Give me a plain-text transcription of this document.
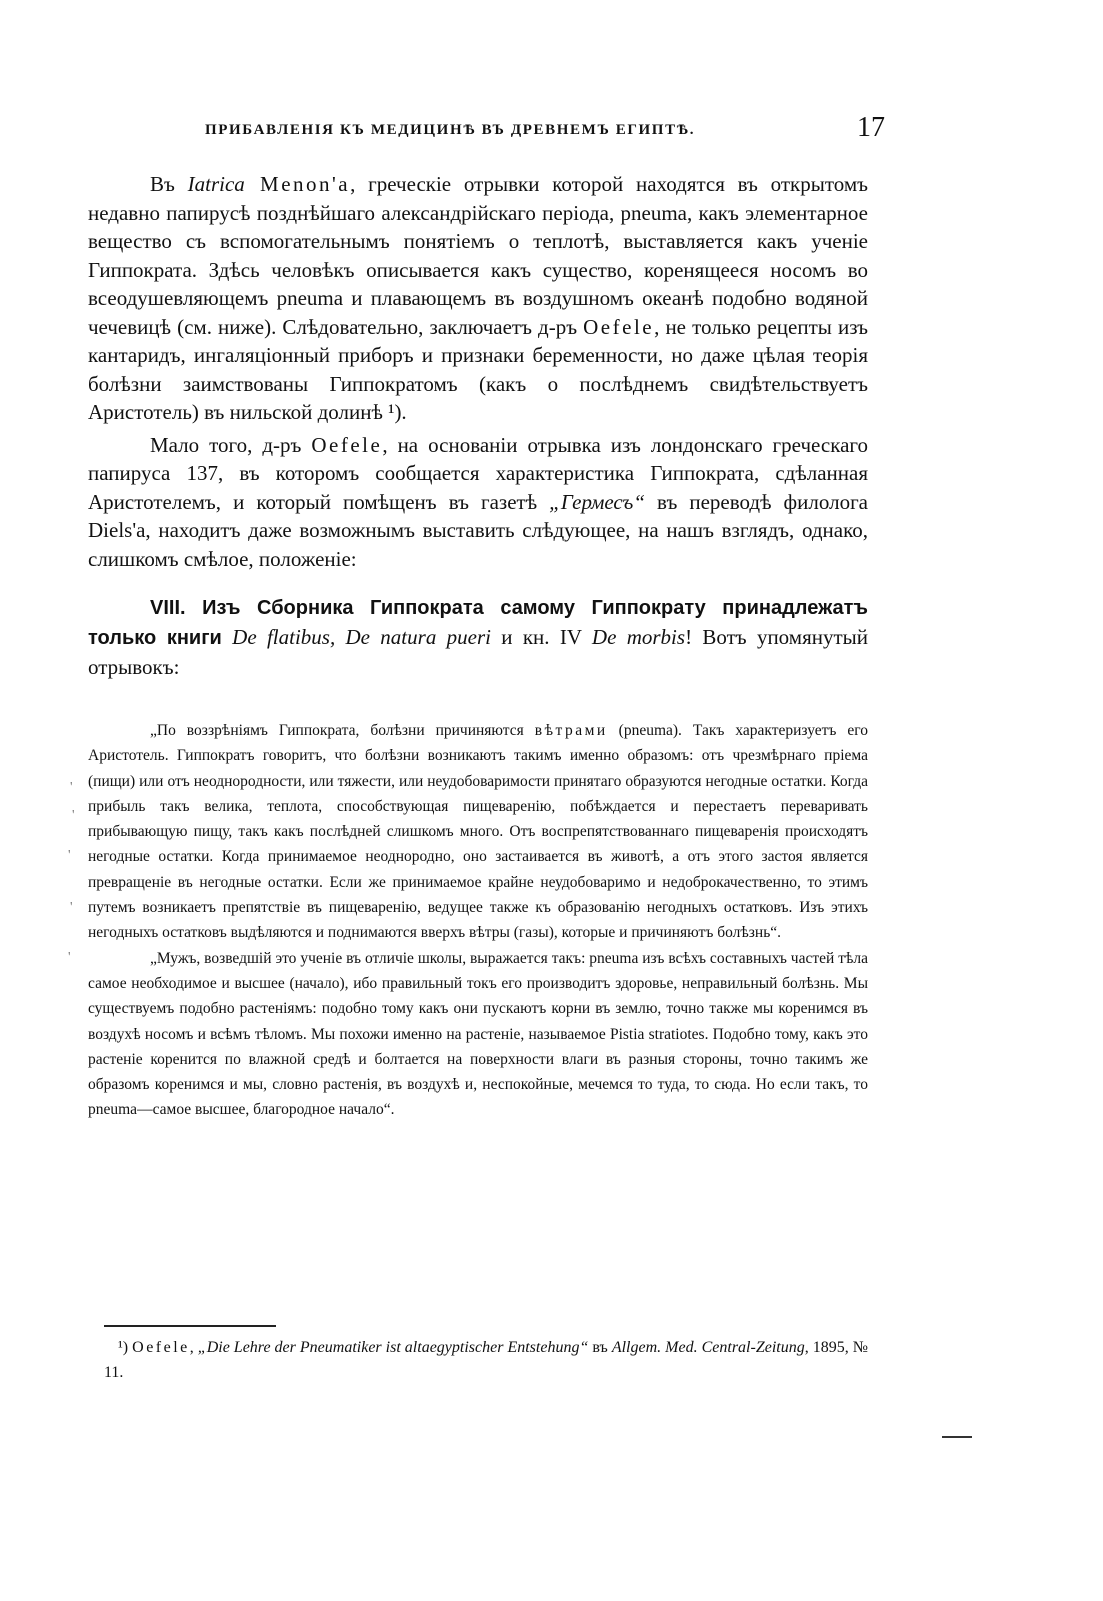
ПРИБАВЛЕНІЯ КЪ МЕДИЦИНѢ ВЪ ДРЕВНЕМЪ ЕГИПТѢ.	17

Въ Iatrica Menon'а, греческіе отрывки которой находятся въ открытомъ недавно папирусѣ позднѣйшаго александрійскаго періода, pneuma, какъ элементарное вещество съ вспомогательнымъ понятіемъ о теплотѣ, выставляется какъ ученіе Гиппократа. Здѣсь человѣкъ описывается какъ существо, коренящееся носомъ во всеодушевляющемъ pneuma и плавающемъ въ воздушномъ океанѣ подобно водяной чечевицѣ (см. ниже). Слѣдовательно, заключаетъ д-ръ Oefele, не только рецепты изъ кантаридъ, ингаляціонный приборъ и признаки беременности, но даже цѣлая теорія болѣзни заимствованы Гиппократомъ (какъ о послѣднемъ свидѣтельствуетъ Аристотель) въ нильской долинѣ ¹).

Мало того, д-ръ Oefele, на основаніи отрывка изъ лондонскаго греческаго папируса 137, въ которомъ сообщается характеристика Гиппократа, сдѣланная Аристотелемъ, и который помѣщенъ въ газетѣ „Гермесъ“ въ переводѣ филолога Diels'а, находитъ даже возможнымъ выставить слѣдующее, на нашъ взглядъ, однако, слишкомъ смѣлое, положеніе:

VIII. Изъ Сборника Гиппократа самому Гиппократу принадлежатъ только книги De flatibus, De natura pueri и кн. IV De morbis! Вотъ упомянутый отрывокъ:

„По воззрѣніямъ Гиппократа, болѣзни причиняются вѣтрами (pneuma). Такъ характеризуетъ его Аристотель. Гиппократъ говоритъ, что болѣзни возникаютъ такимъ именно образомъ: отъ чрезмѣрнаго пріема (пищи) или отъ неоднородности, или тяжести, или неудобоваримости принятаго образуются негодные остатки. Когда прибыль такъ велика, теплота, способствующая пищеваренію, побѣждается и перестаетъ переваривать прибывающую пищу, такъ какъ послѣдней слишкомъ много. Отъ воспрепятствованнаго пищеваренія происходятъ негодные остатки. Когда принимаемое неоднородно, оно застаивается въ животѣ, а отъ этого застоя является превращеніе въ негодные остатки. Если же принимаемое крайне неудобоваримо и недоброкачественно, то этимъ путемъ возникаетъ препятствіе въ пищеваренію, ведущее также къ образованію негодныхъ остатковъ. Изъ этихъ негодныхъ остатковъ выдѣляются и поднимаются вверхъ вѣтры (газы), которые и причиняютъ болѣзнь“.

„Мужъ, возведшій это ученіе въ отличіе школы, выражается такъ: pneuma изъ всѣхъ составныхъ частей тѣла самое необходимое и высшее (начало), ибо правильный токъ его производитъ здоровье, неправильный болѣзнь. Мы существуемъ подобно растеніямъ: подобно тому какъ они пускаютъ корни въ землю, точно также мы коренимся въ воздухѣ носомъ и всѣмъ тѣломъ. Мы похожи именно на растеніе, называемое Pistia stratiotes. Подобно тому, какъ это растеніе коренится по влажной средѣ и болтается на поверхности влаги въ разныя стороны, точно такимъ же образомъ коренимся и мы, словно растенія, въ воздухѣ и, неспокойные, мечемся то туда, то сюда. Но если такъ, то pneuma—самое высшее, благородное начало“.

'
'
'
'
'

¹) Oefele, „Die Lehre der Pneumatiker ist altaegyptischer Entstehung“ въ Allgem. Med. Central-Zeitung, 1895, № 11.
